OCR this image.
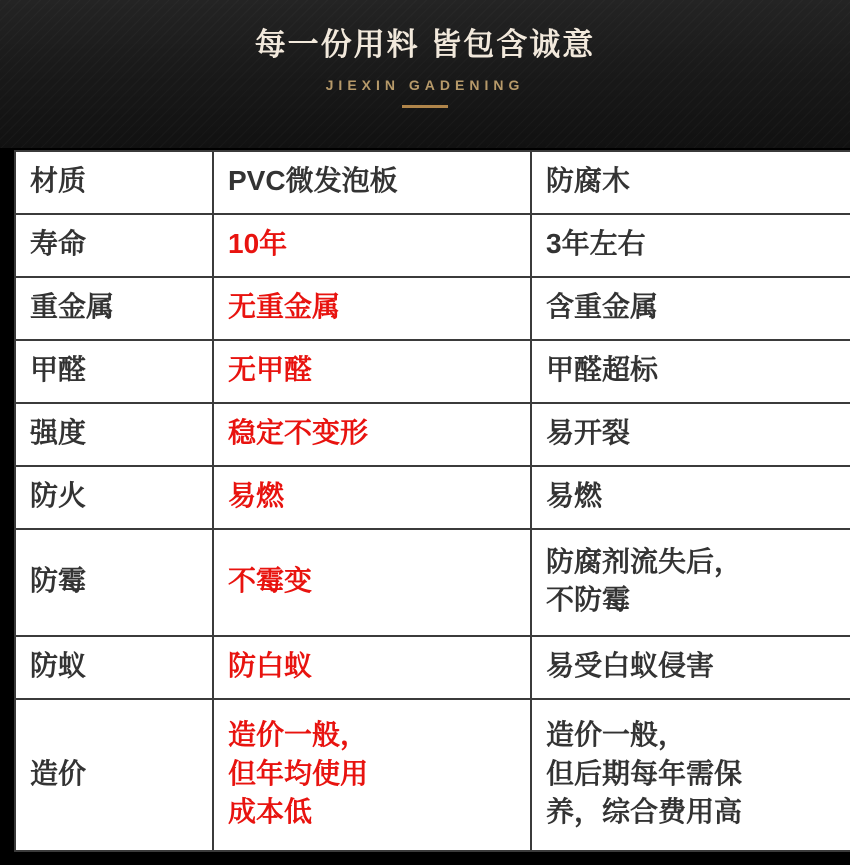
每一份用料 皆包含诚意
JIEXIN GADENING
材质	PVC微发泡板	防腐木

寿命	10年	3年左右

重金属	无重金属	含重金属

甲醛	无甲醛	甲醛超标

强度	稳定不变形	易开裂

防火	易燃	易燃

防霉	不霉变	防腐剂流失后，
不防霉

防蚁	防白蚁	易受白蚁侵害

造价	造价一般，
但年均使用
成本低	造价一般，
但后期每年需保
养，综合费用高
